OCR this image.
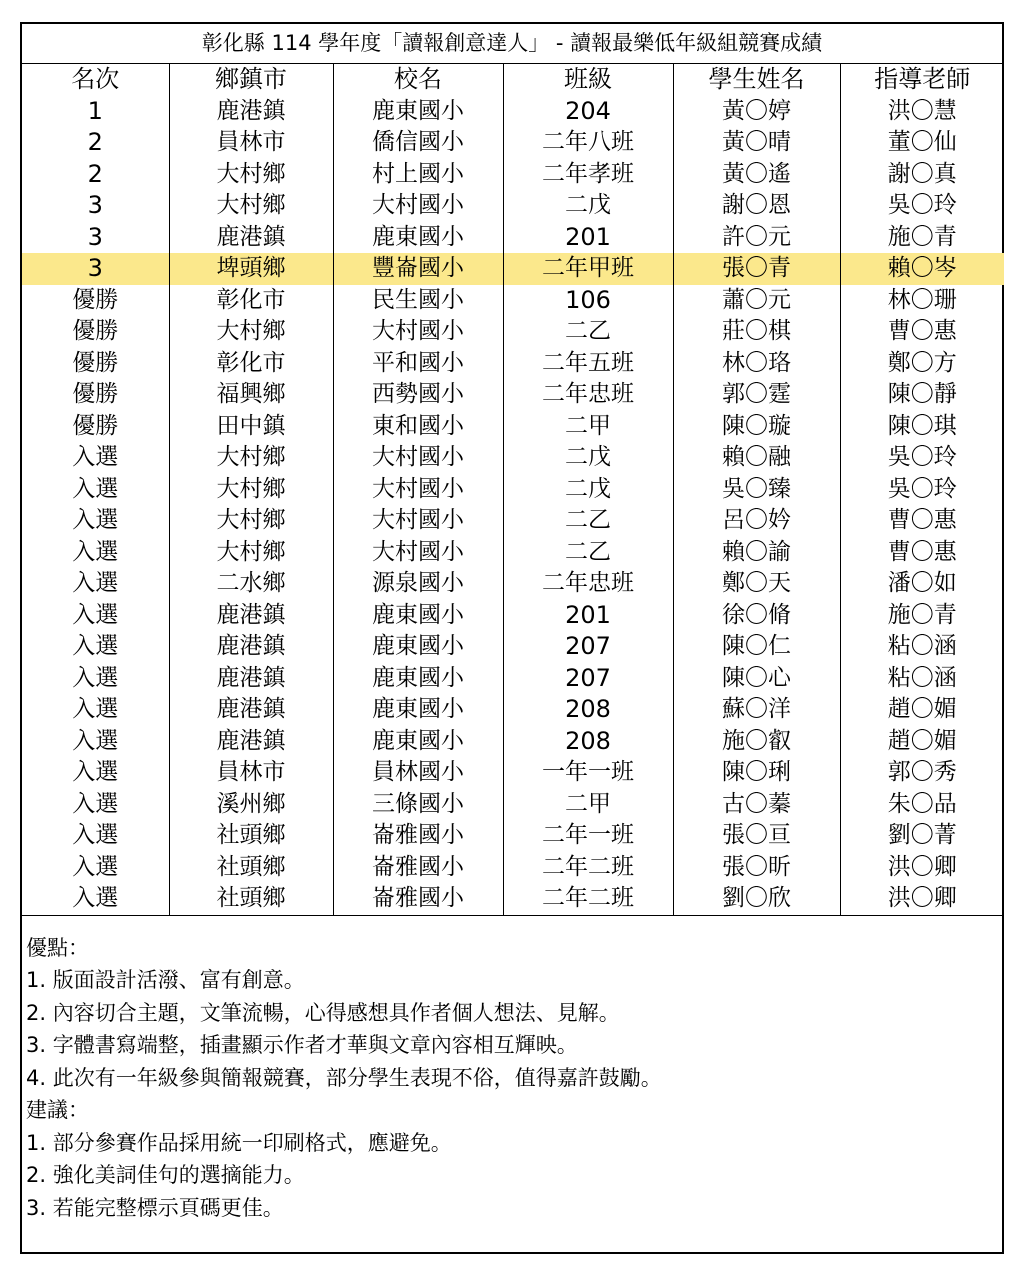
彰化縣 114 學年度「讀報創意達人」 - 讀報最樂低年級組競賽成績
名次	鄉鎮市	校名	班級	學生姓名	指導老師
1	鹿港鎮	鹿東國小	204	黃〇婷	洪〇慧
2	員林市	僑信國小	二年八班	黃〇晴	董〇仙
2	大村鄉	村上國小	二年孝班	黃〇遙	謝〇真
3	大村鄉	大村國小	二戊	謝〇恩	吳〇玲
3	鹿港鎮	鹿東國小	201	許〇元	施〇青
3	埤頭鄉	豐崙國小	二年甲班	張〇青	賴〇岑
優勝	彰化市	民生國小	106	蕭〇元	林〇珊
優勝	大村鄉	大村國小	二乙	莊〇棋	曹〇惠
優勝	彰化市	平和國小	二年五班	林〇珞	鄭〇方
優勝	福興鄉	西勢國小	二年忠班	郭〇霆	陳〇靜
優勝	田中鎮	東和國小	二甲	陳〇璇	陳〇琪
入選	大村鄉	大村國小	二戊	賴〇融	吳〇玲
入選	大村鄉	大村國小	二戊	吳〇臻	吳〇玲
入選	大村鄉	大村國小	二乙	呂〇妗	曹〇惠
入選	大村鄉	大村國小	二乙	賴〇諭	曹〇惠
入選	二水鄉	源泉國小	二年忠班	鄭〇天	潘〇如
入選	鹿港鎮	鹿東國小	201	徐〇脩	施〇青
入選	鹿港鎮	鹿東國小	207	陳〇仁	粘〇涵
入選	鹿港鎮	鹿東國小	207	陳〇心	粘〇涵
入選	鹿港鎮	鹿東國小	208	蘇〇洋	趙〇媚
入選	鹿港鎮	鹿東國小	208	施〇叡	趙〇媚
入選	員林市	員林國小	一年一班	陳〇琍	郭〇秀
入選	溪州鄉	三條國小	二甲	古〇蓁	朱〇品
入選	社頭鄉	崙雅國小	二年一班	張〇亘	劉〇菁
入選	社頭鄉	崙雅國小	二年二班	張〇昕	洪〇卿
入選	社頭鄉	崙雅國小	二年二班	劉〇欣	洪〇卿
優點：
1. 版面設計活潑、富有創意。
2. 內容切合主題，文筆流暢，心得感想具作者個人想法、見解。
3. 字體書寫端整，插畫顯示作者才華與文章內容相互輝映。
4. 此次有一年級參與簡報競賽，部分學生表現不俗，值得嘉許鼓勵。
建議：
1. 部分參賽作品採用統一印刷格式，應避免。
2. 強化美詞佳句的選摘能力。
3. 若能完整標示頁碼更佳。
